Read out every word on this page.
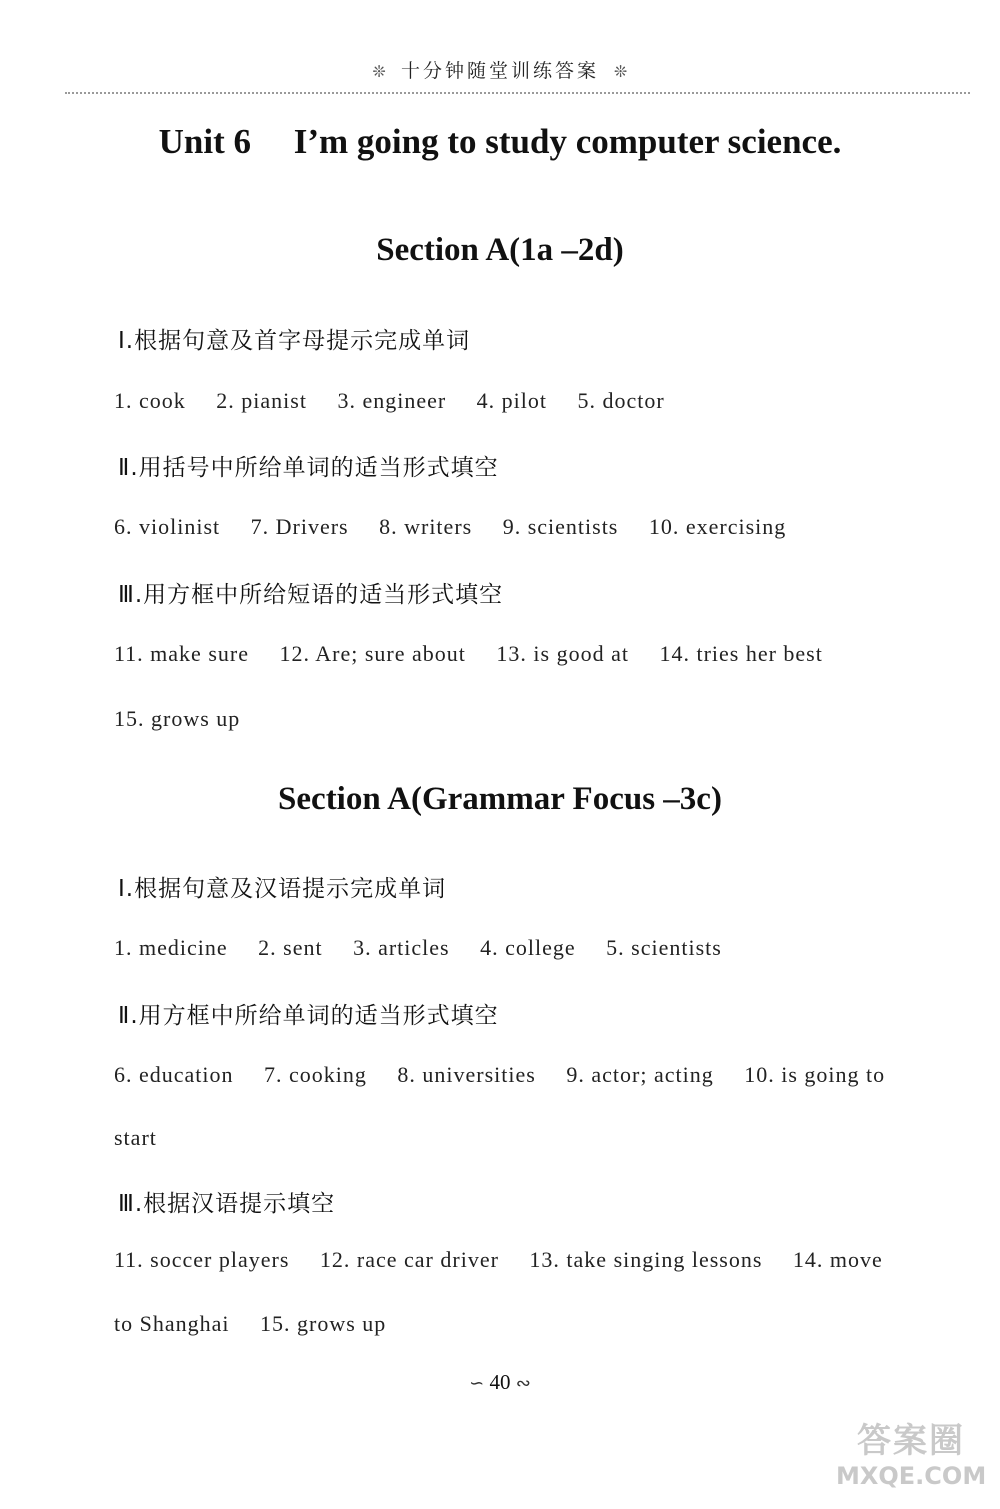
❊ 十分钟随堂训练答案 ❊
Unit 6 I’m going to study computer science.
Section A(1a –2d)
Ⅰ.根据句意及首字母提示完成单词
1. cook 2. pianist 3. engineer 4. pilot 5. doctor
Ⅱ.用括号中所给单词的适当形式填空
6. violinist 7. Drivers 8. writers 9. scientists 10. exercising
Ⅲ.用方框中所给短语的适当形式填空
11. make sure 12. Are; sure about 13. is good at 14. tries her best
15. grows up
Section A(Grammar Focus –3c)
Ⅰ.根据句意及汉语提示完成单词
1. medicine 2. sent 3. articles 4. college 5. scientists
Ⅱ.用方框中所给单词的适当形式填空
6. education 7. cooking 8. universities 9. actor; acting 10. is going to
start
Ⅲ.根据汉语提示填空
11. soccer players 12. race car driver 13. take singing lessons 14. move
to Shanghai 15. grows up
∽ 40 ∾
答案圈
MXQE.COM
